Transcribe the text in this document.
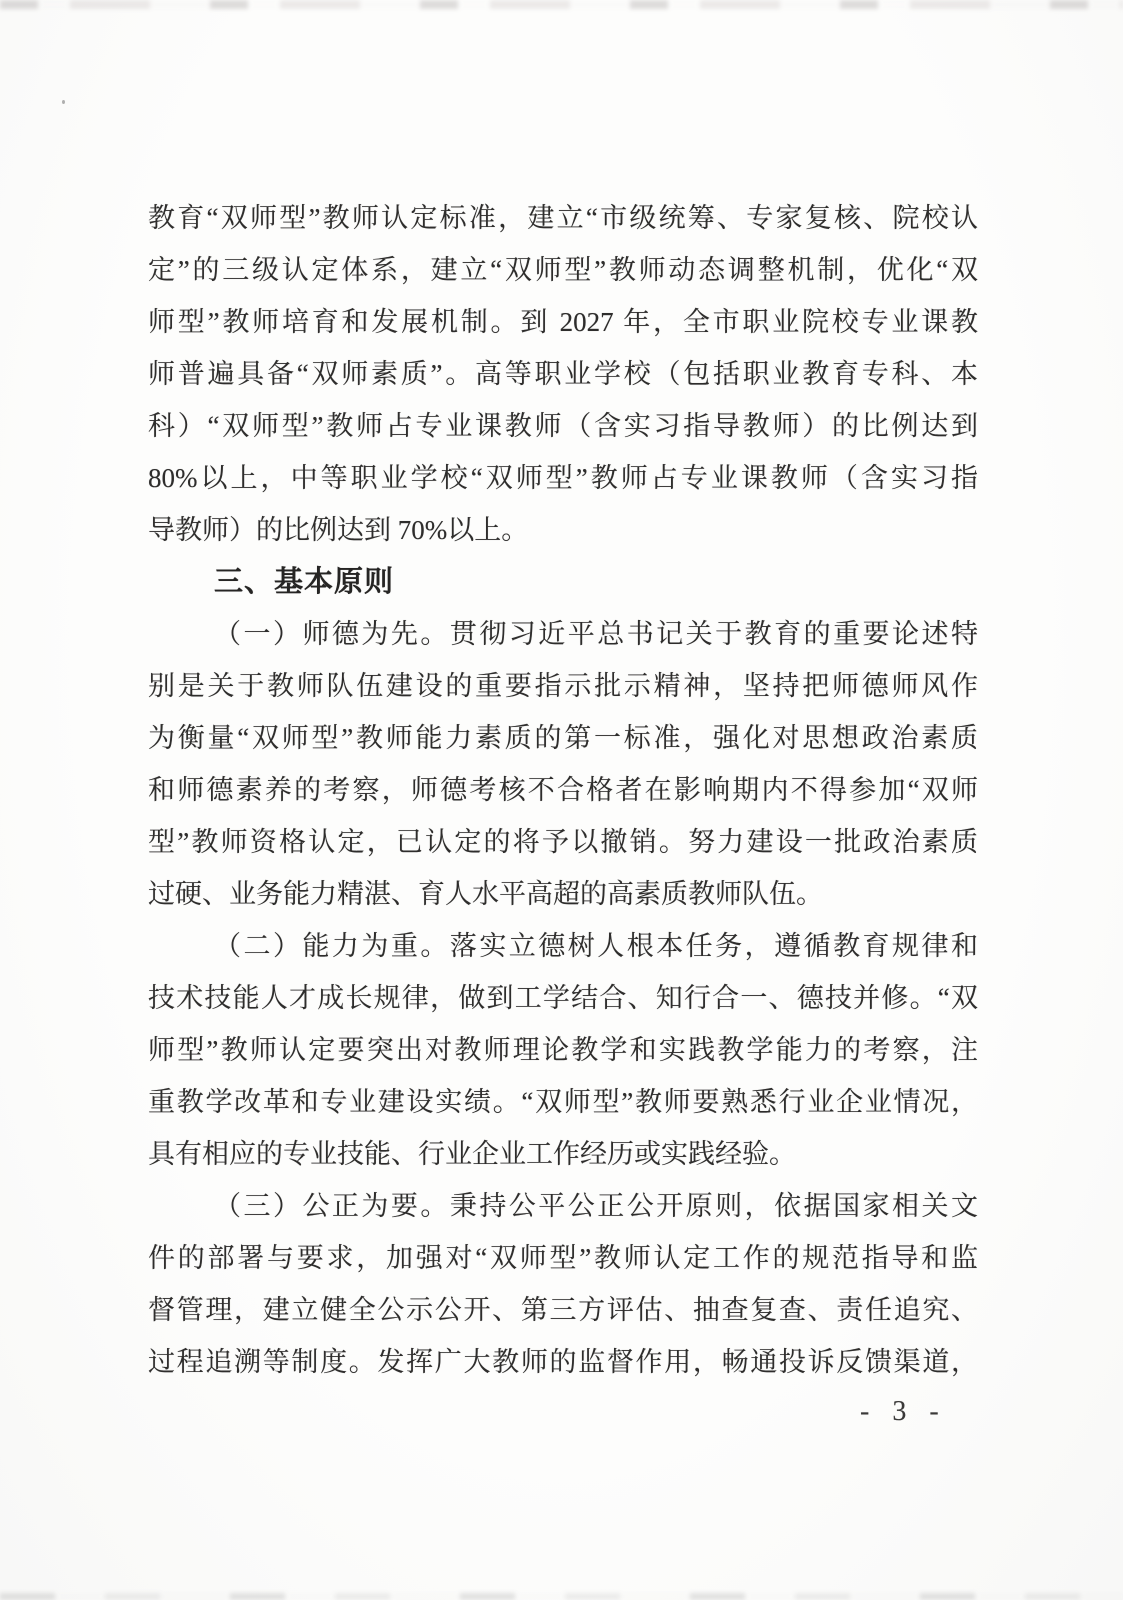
教育“双师型”教师认定标准，建立“市级统筹、专家复核、院校认
定”的三级认定体系，建立“双师型”教师动态调整机制，优化“双
师型”教师培育和发展机制。到 2027 年，全市职业院校专业课教
师普遍具备“双师素质”。高等职业学校（包括职业教育专科、本
科）“双师型”教师占专业课教师（含实习指导教师）的比例达到
80%以上，中等职业学校“双师型”教师占专业课教师（含实习指
导教师）的比例达到 70%以上。
三、基本原则
（一）师德为先。贯彻习近平总书记关于教育的重要论述特
别是关于教师队伍建设的重要指示批示精神，坚持把师德师风作
为衡量“双师型”教师能力素质的第一标准，强化对思想政治素质
和师德素养的考察，师德考核不合格者在影响期内不得参加“双师
型”教师资格认定，已认定的将予以撤销。努力建设一批政治素质
过硬、业务能力精湛、育人水平高超的高素质教师队伍。
（二）能力为重。落实立德树人根本任务，遵循教育规律和
技术技能人才成长规律，做到工学结合、知行合一、德技并修。“双
师型”教师认定要突出对教师理论教学和实践教学能力的考察，注
重教学改革和专业建设实绩。“双师型”教师要熟悉行业企业情况，
具有相应的专业技能、行业企业工作经历或实践经验。
（三）公正为要。秉持公平公正公开原则，依据国家相关文
件的部署与要求，加强对“双师型”教师认定工作的规范指导和监
督管理，建立健全公示公开、第三方评估、抽查复查、责任追究、
过程追溯等制度。发挥广大教师的监督作用，畅通投诉反馈渠道，
- 3 -
